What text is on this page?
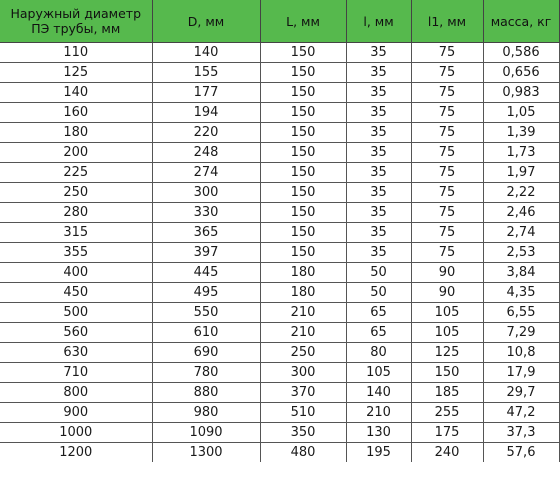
Наружный диаметр ПЭ трубы, мм	D, мм	L, мм	l, мм	l1, мм	масса, кг
110	140	150	35	75	0,586
125	155	150	35	75	0,656
140	177	150	35	75	0,983
160	194	150	35	75	1,05
180	220	150	35	75	1,39
200	248	150	35	75	1,73
225	274	150	35	75	1,97
250	300	150	35	75	2,22
280	330	150	35	75	2,46
315	365	150	35	75	2,74
355	397	150	35	75	2,53
400	445	180	50	90	3,84
450	495	180	50	90	4,35
500	550	210	65	105	6,55
560	610	210	65	105	7,29
630	690	250	80	125	10,8
710	780	300	105	150	17,9
800	880	370	140	185	29,7
900	980	510	210	255	47,2
1000	1090	350	130	175	37,3
1200	1300	480	195	240	57,6
